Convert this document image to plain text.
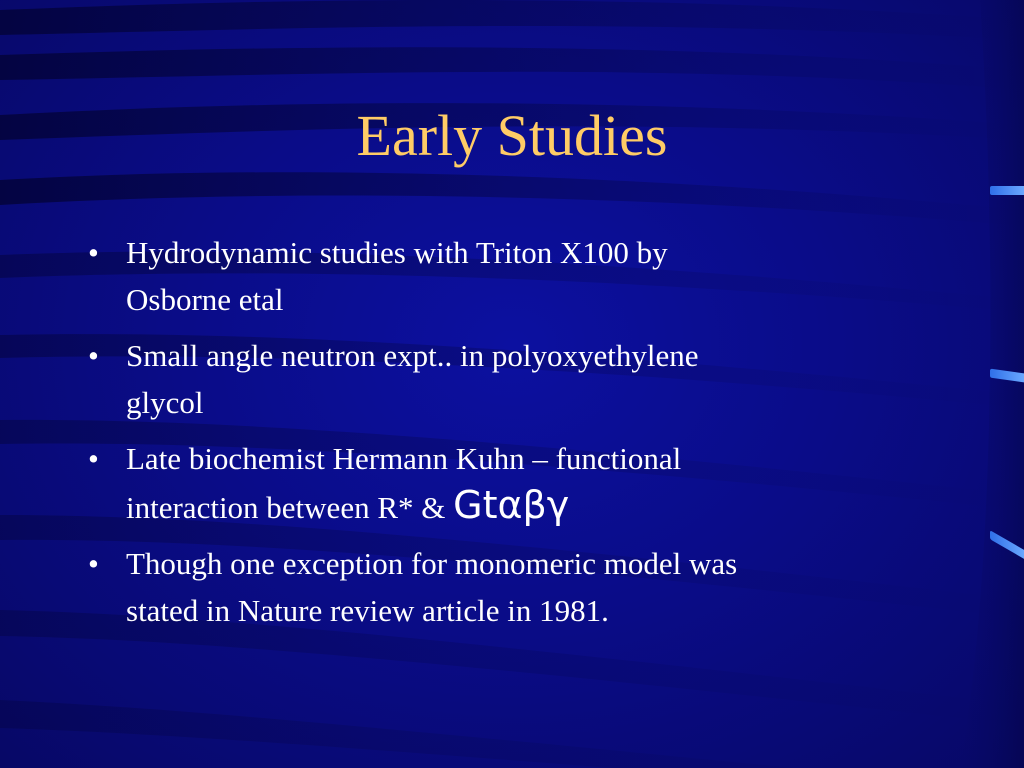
Early Studies
• Hydrodynamic studies with Triton X100 by
Osborne etal
• Small angle neutron expt.. in polyoxyethylene
glycol
• Late biochemist Hermann Kuhn – functional
interaction between R* & Gtαβγ
• Though one exception for monomeric model was
stated in Nature review article in 1981.
